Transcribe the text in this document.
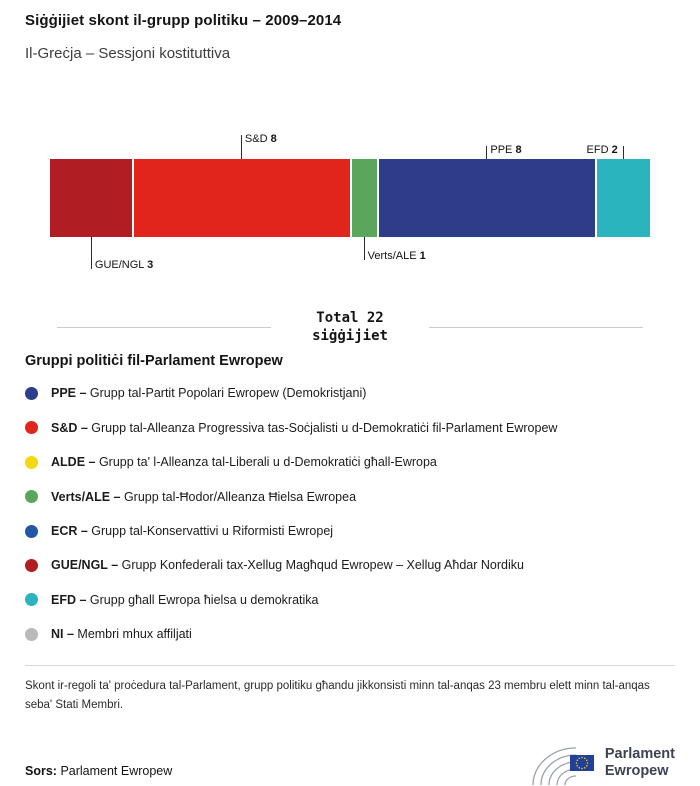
Siġġijiet skont il-grupp politiku – 2009–2014
Il-Greċja – Sessjoni kostituttiva
GUE/NGL 3
S&D 8
Verts/ALE 1
PPE 8	EFD 2
Total 22
siġġijiet
Gruppi politiċi fil-Parlament Ewropew
PPE – Grupp tal-Partit Popolari Ewropew (Demokristjani)
S&D – Grupp tal-Alleanza Progressiva tas-Soċjalisti u d-Demokratiċi fil-Parlament Ewropew
ALDE – Grupp ta' l-Alleanza tal-Liberali u d-Demokratiċi għall-Ewropa
Verts/ALE – Grupp tal-Ħodor/Alleanza Ħielsa Ewropea
ECR – Grupp tal-Konservattivi u Riformisti Ewropej
GUE/NGL – Grupp Konfederali tax-Xellug Magħqud Ewropew – Xellug Aħdar Nordiku
EFD – Grupp għall Ewropa ħielsa u demokratika
NI – Membri mhux affiljati

Skont ir-regoli ta' proċedura tal-Parlament, grupp politiku għandu jikkonsisti minn tal-anqas 23 membru elett minn tal-anqas seba' Stati Membri.

Sors: Parlament Ewropew

Parlament
Ewropew
